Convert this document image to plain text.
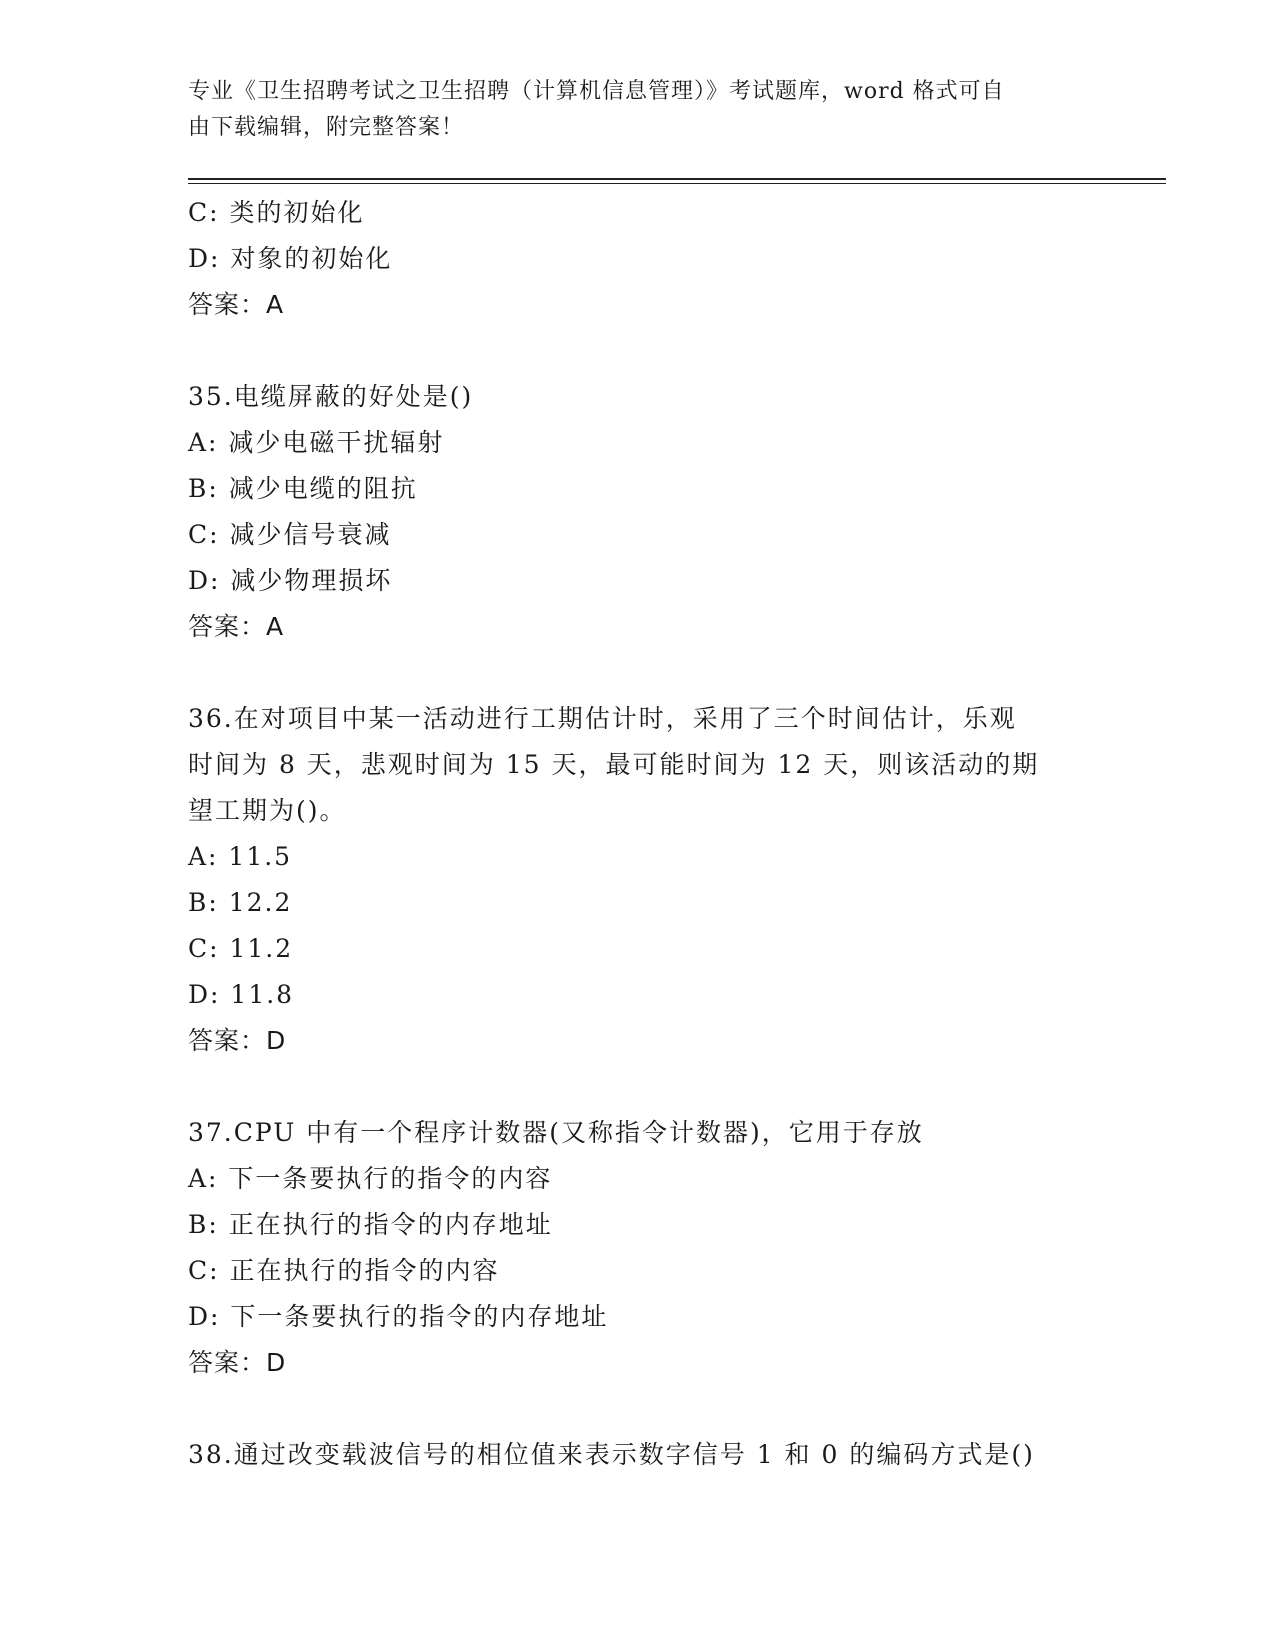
专业《卫生招聘考试之卫生招聘（计算机信息管理）》考试题库，word 格式可自
由下载编辑，附完整答案！
C: 类的初始化
D: 对象的初始化
答案：A
35.电缆屏蔽的好处是()
A: 减少电磁干扰辐射
B: 减少电缆的阻抗
C: 减少信号衰减
D: 减少物理损坏
答案：A
36.在对项目中某一活动进行工期估计时，采用了三个时间估计，乐观
时间为 8 天，悲观时间为 15 天，最可能时间为 12 天，则该活动的期
望工期为()。
A: 11.5
B: 12.2
C: 11.2
D: 11.8
答案：D
37.CPU 中有一个程序计数器(又称指令计数器)，它用于存放
A: 下一条要执行的指令的内容
B: 正在执行的指令的内存地址
C: 正在执行的指令的内容
D: 下一条要执行的指令的内存地址
答案：D
38.通过改变载波信号的相位值来表示数字信号 1 和 0 的编码方式是()
